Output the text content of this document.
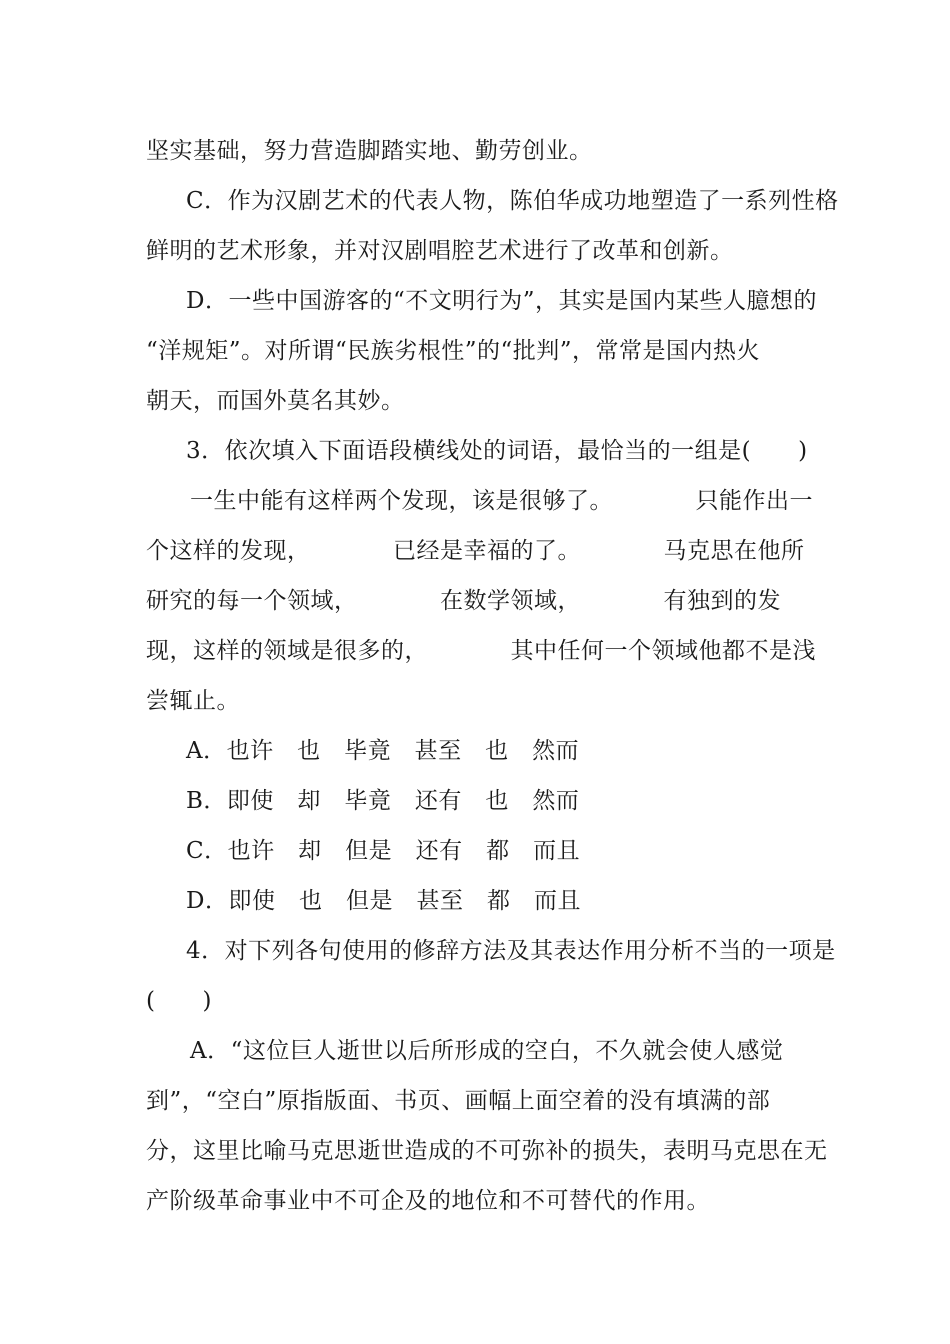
坚实基础，努力营造脚踏实地、勤劳创业。
C．作为汉剧艺术的代表人物，陈伯华成功地塑造了一系列性格
鲜明的艺术形象，并对汉剧唱腔艺术进行了改革和创新。
D．一些中国游客的“不文明行为”，其实是国内某些人臆想的
“洋规矩”。对所谓“民族劣根性”的“批判”，常常是国内热火
朝天，而国外莫名其妙。
3．依次填入下面语段横线处的词语，最恰当的一组是(　　)
一生中能有这样两个发现，该是很够了。　　　　只能作出一
个这样的发现，　　　　已经是幸福的了。　　　　马克思在他所
研究的每一个领域，　　　　在数学领域，　　　　有独到的发
现，这样的领域是很多的，　　　　其中任何一个领域他都不是浅
尝辄止。
A．也许　也　毕竟　甚至　也　然而
B．即使　却　毕竟　还有　也　然而
C．也许　却　但是　还有　都　而且
D．即使　也　但是　甚至　都　而且
4．对下列各句使用的修辞方法及其表达作用分析不当的一项是
(　　)
A．“这位巨人逝世以后所形成的空白，不久就会使人感觉
到”，“空白”原指版面、书页、画幅上面空着的没有填满的部
分，这里比喻马克思逝世造成的不可弥补的损失，表明马克思在无
产阶级革命事业中不可企及的地位和不可替代的作用。
